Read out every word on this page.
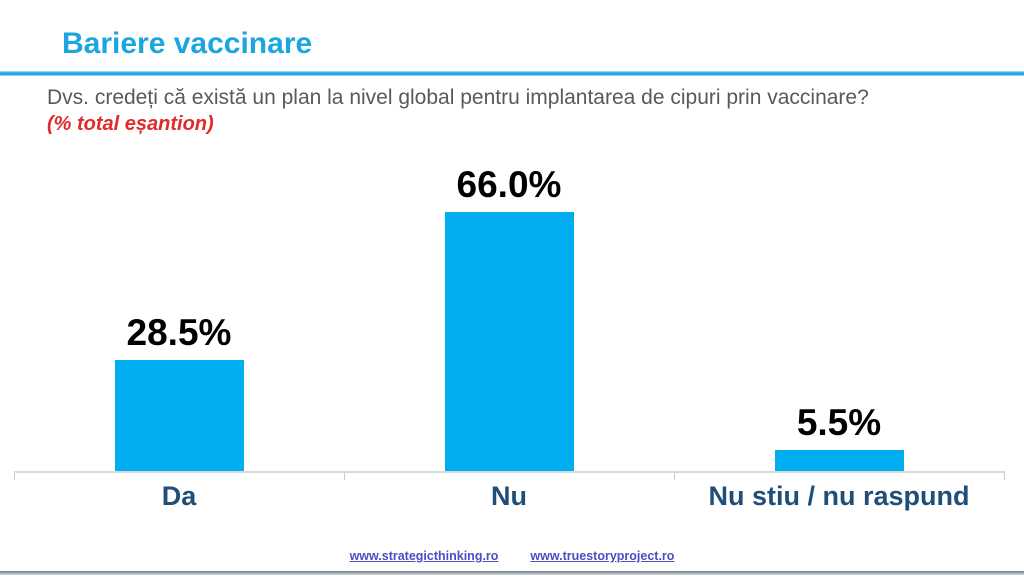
Bariere vaccinare
Dvs. credeți că există un plan la nivel global pentru implantarea de cipuri prin vaccinare?
(% total eșantion)
28.5%
66.0%
5.5%
Da	Nu	Nu stiu / nu raspund
www.strategicthinking.ro	www.truestoryproject.ro
